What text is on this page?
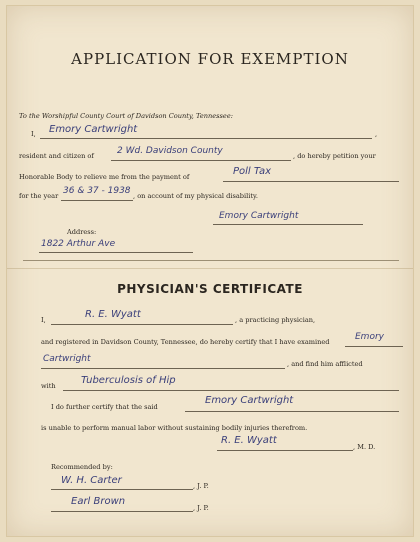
APPLICATION FOR EXEMPTION
To the Worshipful County Court of Davidson County, Tennessee:
I, Emory Cartwright	,
resident and citizen of	2 Wd. Davidson County	, do hereby petition your
Honorable Body to relieve me from the payment of	Poll Tax
for the year 36 & 37 - 1938 , on account of my physical disability.
Emory Cartwright
Address:
1822 Arthur Ave
PHYSICIAN'S CERTIFICATE
I,	R. E. Wyatt	, a practicing physician,
and registered in Davidson County, Tennessee, do hereby certify that I have examined	Emory
Cartwright	, and find him afflicted
with	Tuberculosis of Hip
I do further certify that the said
Emory Cartwright
is unable to perform manual labor without sustaining bodily injuries therefrom.
R. E. Wyatt
, M. D.
Recommended by:
W. H. Carter	, J. P.
Earl Brown
, J. P.
